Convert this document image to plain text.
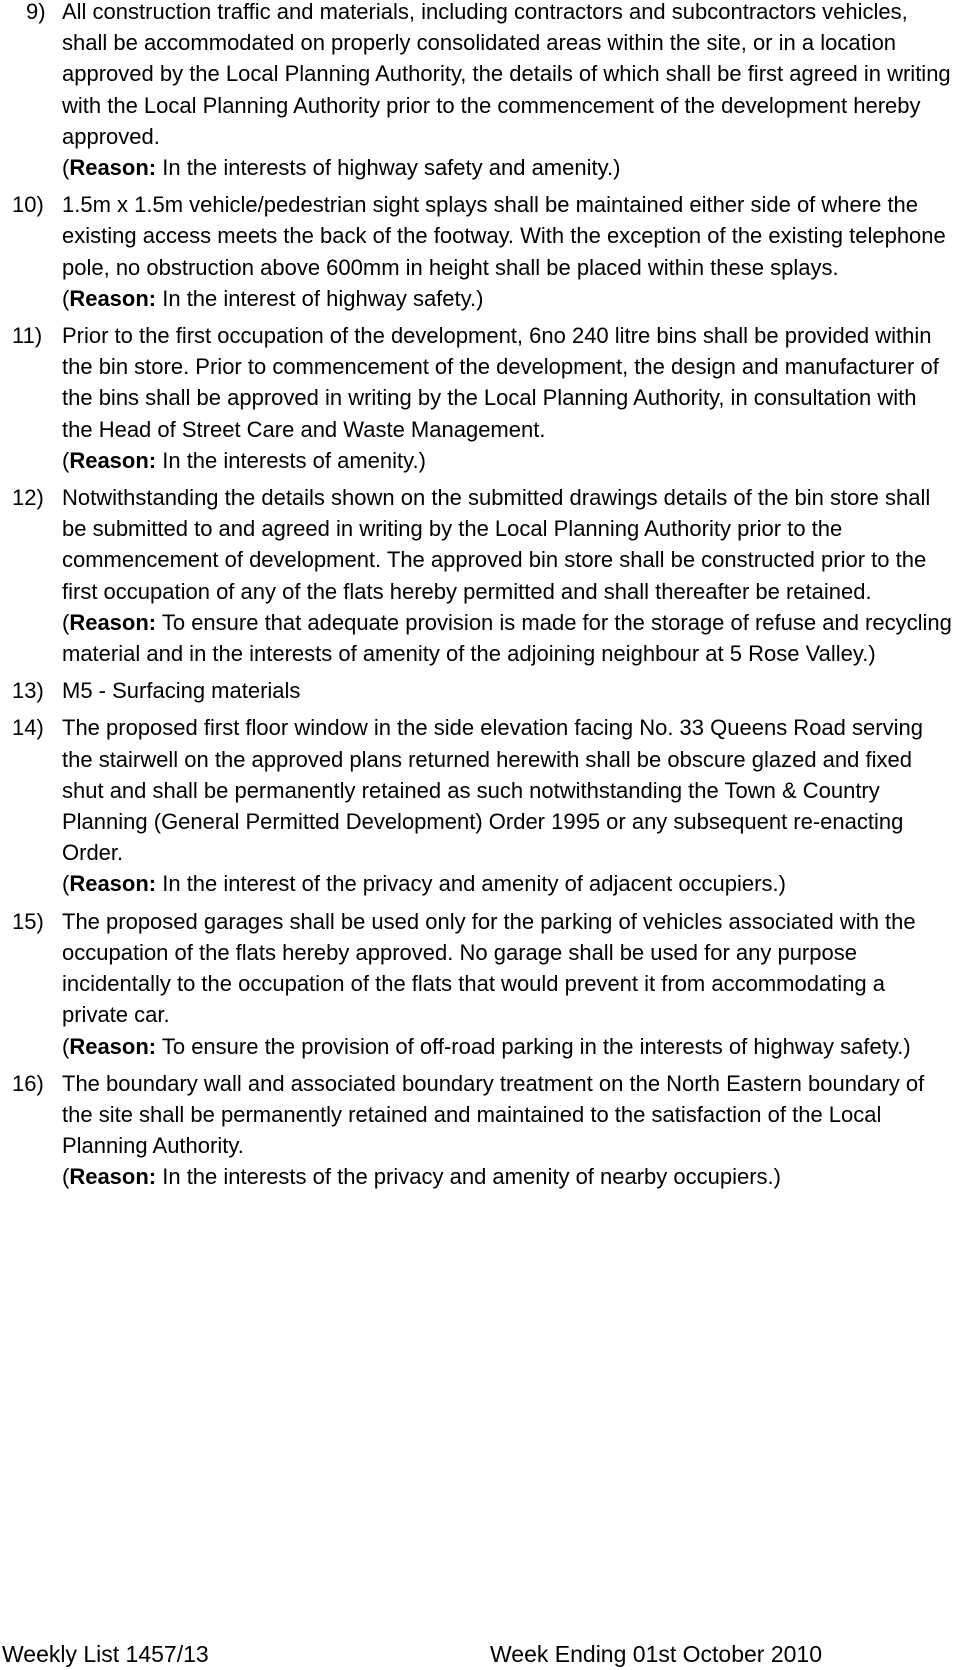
9) All construction traffic and materials, including contractors and subcontractors vehicles, shall be accommodated on properly consolidated areas within the site, or in a location approved by the Local Planning Authority, the details of which shall be first agreed in writing with the Local Planning Authority prior to the commencement of the development hereby approved.
(Reason: In the interests of highway safety and amenity.)
10) 1.5m x 1.5m vehicle/pedestrian sight splays shall be maintained either side of where the existing access meets the back of the footway. With the exception of the existing telephone pole, no obstruction above 600mm in height shall be placed within these splays.
(Reason: In the interest of highway safety.)
11) Prior to the first occupation of the development, 6no 240 litre bins shall be provided within the bin store. Prior to commencement of the development, the design and manufacturer of the bins shall be approved in writing by the Local Planning Authority, in consultation with the Head of Street Care and Waste Management.
(Reason: In the interests of amenity.)
12) Notwithstanding the details shown on the submitted drawings details of the bin store shall be submitted to and agreed in writing by the Local Planning Authority prior to the commencement of development. The approved bin store shall be constructed prior to the first occupation of any of the flats hereby permitted and shall thereafter be retained.
(Reason: To ensure that adequate provision is made for the storage of refuse and recycling material and in the interests of amenity of the adjoining neighbour at 5 Rose Valley.)
13) M5 - Surfacing materials
14) The proposed first floor window in the side elevation facing No. 33 Queens Road serving the stairwell on the approved plans returned herewith shall be obscure glazed and fixed shut and shall be permanently retained as such notwithstanding the Town & Country Planning (General Permitted Development) Order 1995 or any subsequent re-enacting Order.
(Reason: In the interest of the privacy and amenity of adjacent occupiers.)
15) The proposed garages shall be used only for the parking of vehicles associated with the occupation of the flats hereby approved. No garage shall be used for any purpose incidentally to the occupation of the flats that would prevent it from accommodating a private car.
(Reason: To ensure the provision of off-road parking in the interests of highway safety.)
16) The boundary wall and associated boundary treatment on the North Eastern boundary of the site shall be permanently retained and maintained to the satisfaction of the Local Planning Authority.
(Reason: In the interests of the privacy and amenity of nearby occupiers.)
Weekly List 1457/13	Week Ending 01st October 2010
